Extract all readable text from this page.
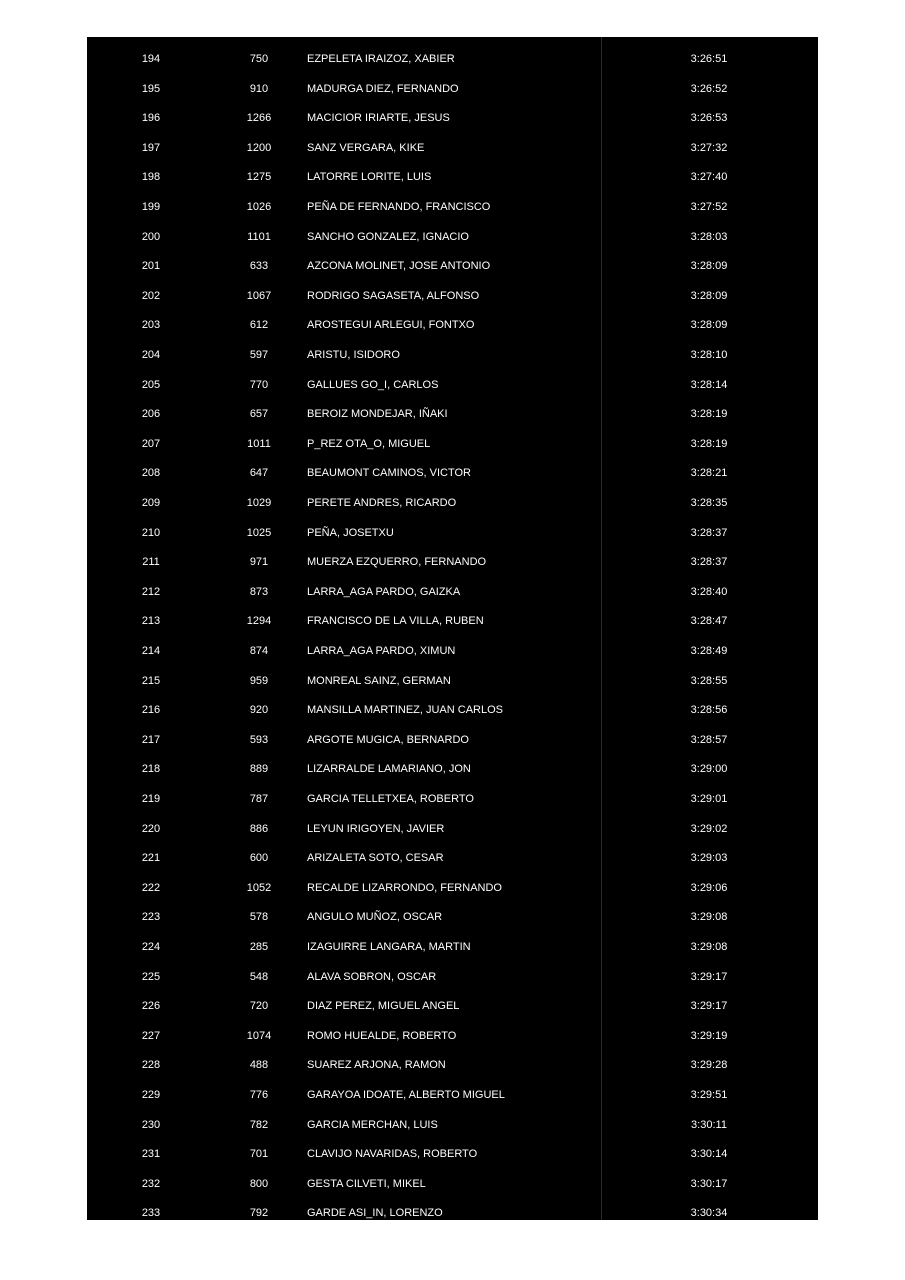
194	750	EZPELETA IRAIZOZ, XABIER	3:26:51
195	910	MADURGA DIEZ, FERNANDO	3:26:52
196	1266	MACICIOR IRIARTE, JESUS	3:26:53
197	1200	SANZ VERGARA, KIKE	3:27:32
198	1275	LATORRE LORITE, LUIS	3:27:40
199	1026	PEÑA DE FERNANDO, FRANCISCO	3:27:52
200	1101	SANCHO GONZALEZ, IGNACIO	3:28:03
201	633	AZCONA MOLINET, JOSE ANTONIO	3:28:09
202	1067	RODRIGO SAGASETA, ALFONSO	3:28:09
203	612	AROSTEGUI ARLEGUI, FONTXO	3:28:09
204	597	ARISTU, ISIDORO	3:28:10
205	770	GALLUES GO_I, CARLOS	3:28:14
206	657	BEROIZ MONDEJAR, IÑAKI	3:28:19
207	1011	P_REZ OTA_O, MIGUEL	3:28:19
208	647	BEAUMONT CAMINOS, VICTOR	3:28:21
209	1029	PERETE ANDRES, RICARDO	3:28:35
210	1025	PEÑA, JOSETXU	3:28:37
211	971	MUERZA EZQUERRO, FERNANDO	3:28:37
212	873	LARRA_AGA PARDO, GAIZKA	3:28:40
213	1294	FRANCISCO DE LA VILLA, RUBEN	3:28:47
214	874	LARRA_AGA PARDO, XIMUN	3:28:49
215	959	MONREAL SAINZ, GERMAN	3:28:55
216	920	MANSILLA MARTINEZ, JUAN CARLOS	3:28:56
217	593	ARGOTE MUGICA, BERNARDO	3:28:57
218	889	LIZARRALDE LAMARIANO, JON	3:29:00
219	787	GARCIA TELLETXEA, ROBERTO	3:29:01
220	886	LEYUN IRIGOYEN, JAVIER	3:29:02
221	600	ARIZALETA SOTO, CESAR	3:29:03
222	1052	RECALDE LIZARRONDO, FERNANDO	3:29:06
223	578	ANGULO MUÑOZ, OSCAR	3:29:08
224	285	IZAGUIRRE LANGARA, MARTIN	3:29:08
225	548	ALAVA SOBRON, OSCAR	3:29:17
226	720	DIAZ PEREZ, MIGUEL ANGEL	3:29:17
227	1074	ROMO HUEALDE, ROBERTO	3:29:19
228	488	SUAREZ ARJONA, RAMON	3:29:28
229	776	GARAYOA IDOATE, ALBERTO MIGUEL	3:29:51
230	782	GARCIA MERCHAN, LUIS	3:30:11
231	701	CLAVIJO NAVARIDAS, ROBERTO	3:30:14
232	800	GESTA CILVETI, MIKEL	3:30:17
233	792	GARDE ASI_IN, LORENZO	3:30:34
